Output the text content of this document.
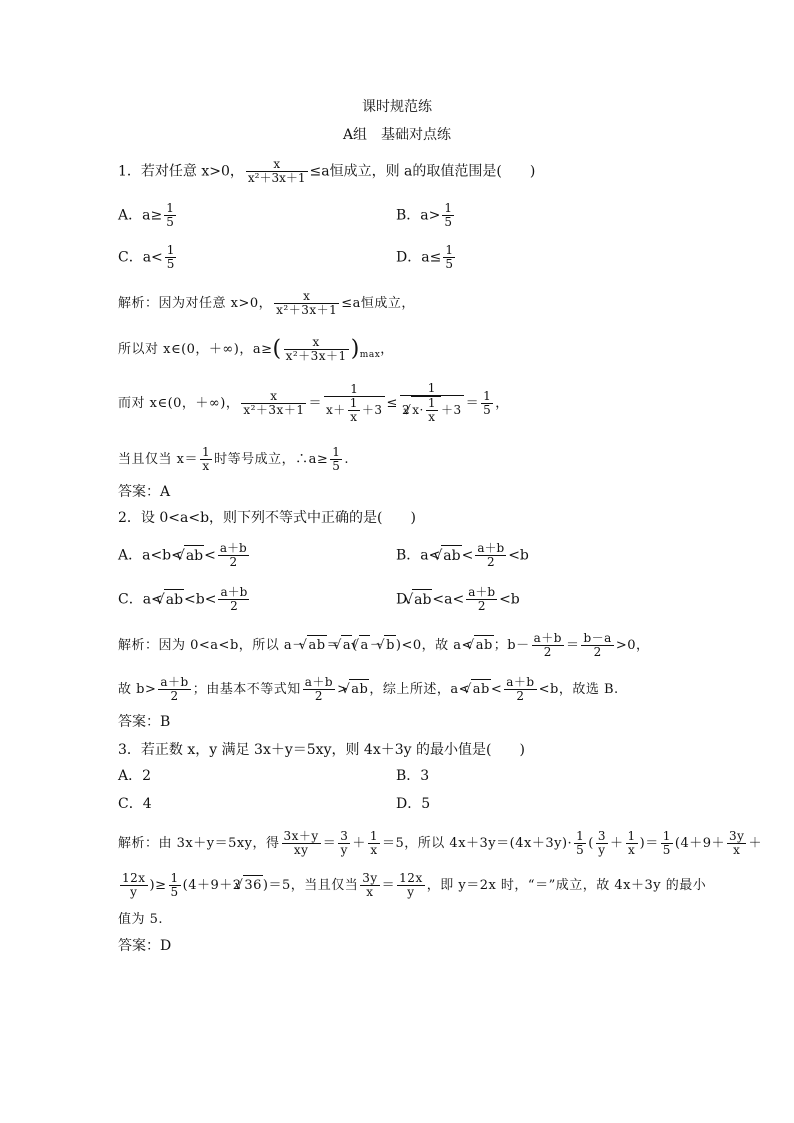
课时规范练
A组　基础对点练
1．若对任意 x>0， $\frac{x}{\text{x²＋3x＋1}} \le a$恒成立，则 a的取值范围是(　　)
A．$a\ge \frac{1}{5}$	B．$a> \frac{1}{5}$
C．$a< \frac{1}{5}$	D．$a\le \frac{1}{5}$
解析：因为对任意 x>0， $\frac{x}{\text{x²＋3x＋1}} \le a$恒成立，
所以对 x∈(0，＋∞)，$a\ge( \frac{x}{\text{x²＋3x＋1}} )_{max}$，
而对 x∈(0，＋∞)， $\frac{x}{\text{x²＋3x＋1}} = \frac{1}{x+ \frac{1}{x} +3} \le \frac{1}{2√ x\cdot \frac{1}{x} +3} = \frac{1}{5}$ ，
当且仅当 $x= \frac{1}{x}$ 时等号成立，∴a≥ $\frac{1}{5}$ .
答案：A
2．设 0<a<b，则下列不等式中正确的是(　　)
A．a<b<√ $ab< \frac{a+b}{2}$	B．a<√ $ab< \frac{a+b}{2} <b$
C．a<√ $ab<b< \frac{a+b}{2}$	D.√ $ab<a< \frac{a+b}{2} <b$
解析：因为 0<a<b，所以 a－√ ab＝√ a(√ a－√ b)<0，故 a<√ ab；$b- \frac{a+b}{2} = \frac{b-a}{2} >0$，
故 $b> \frac{a+b}{2}$ ；由基本不等式知 $\frac{a+b}{2}$ >√ ab，综上所述，a<√ $ab< \frac{a+b}{2} <b$，故选 B.
答案：B
3．若正数 x，y 满足 3x＋y＝5xy，则 4x＋3y 的最小值是(　　)
A．2	B．3
C．4	D．5
解析：由 3x＋y＝5xy，得 $\frac{3x+y}{xy} = \frac{3}{y} + \frac{1}{x} =5$，所以 $4x+3y=(4x+3y)\cdot \frac{1}{5}$ ( $\frac{3}{y} + \frac{1}{x}$ )＝ $\frac{1}{5} (4+9+ \frac{3y}{x}$ ＋
$\frac{12x}{y}$ )≥ $\frac{1}{5} (4+9+2√$ 36)＝5，当且仅当 $\frac{3y}{x} = \frac{12x}{y}$ ，即 y＝2x 时，“＝”成立，故 4x＋3y 的最小
值为 5.
答案：D
